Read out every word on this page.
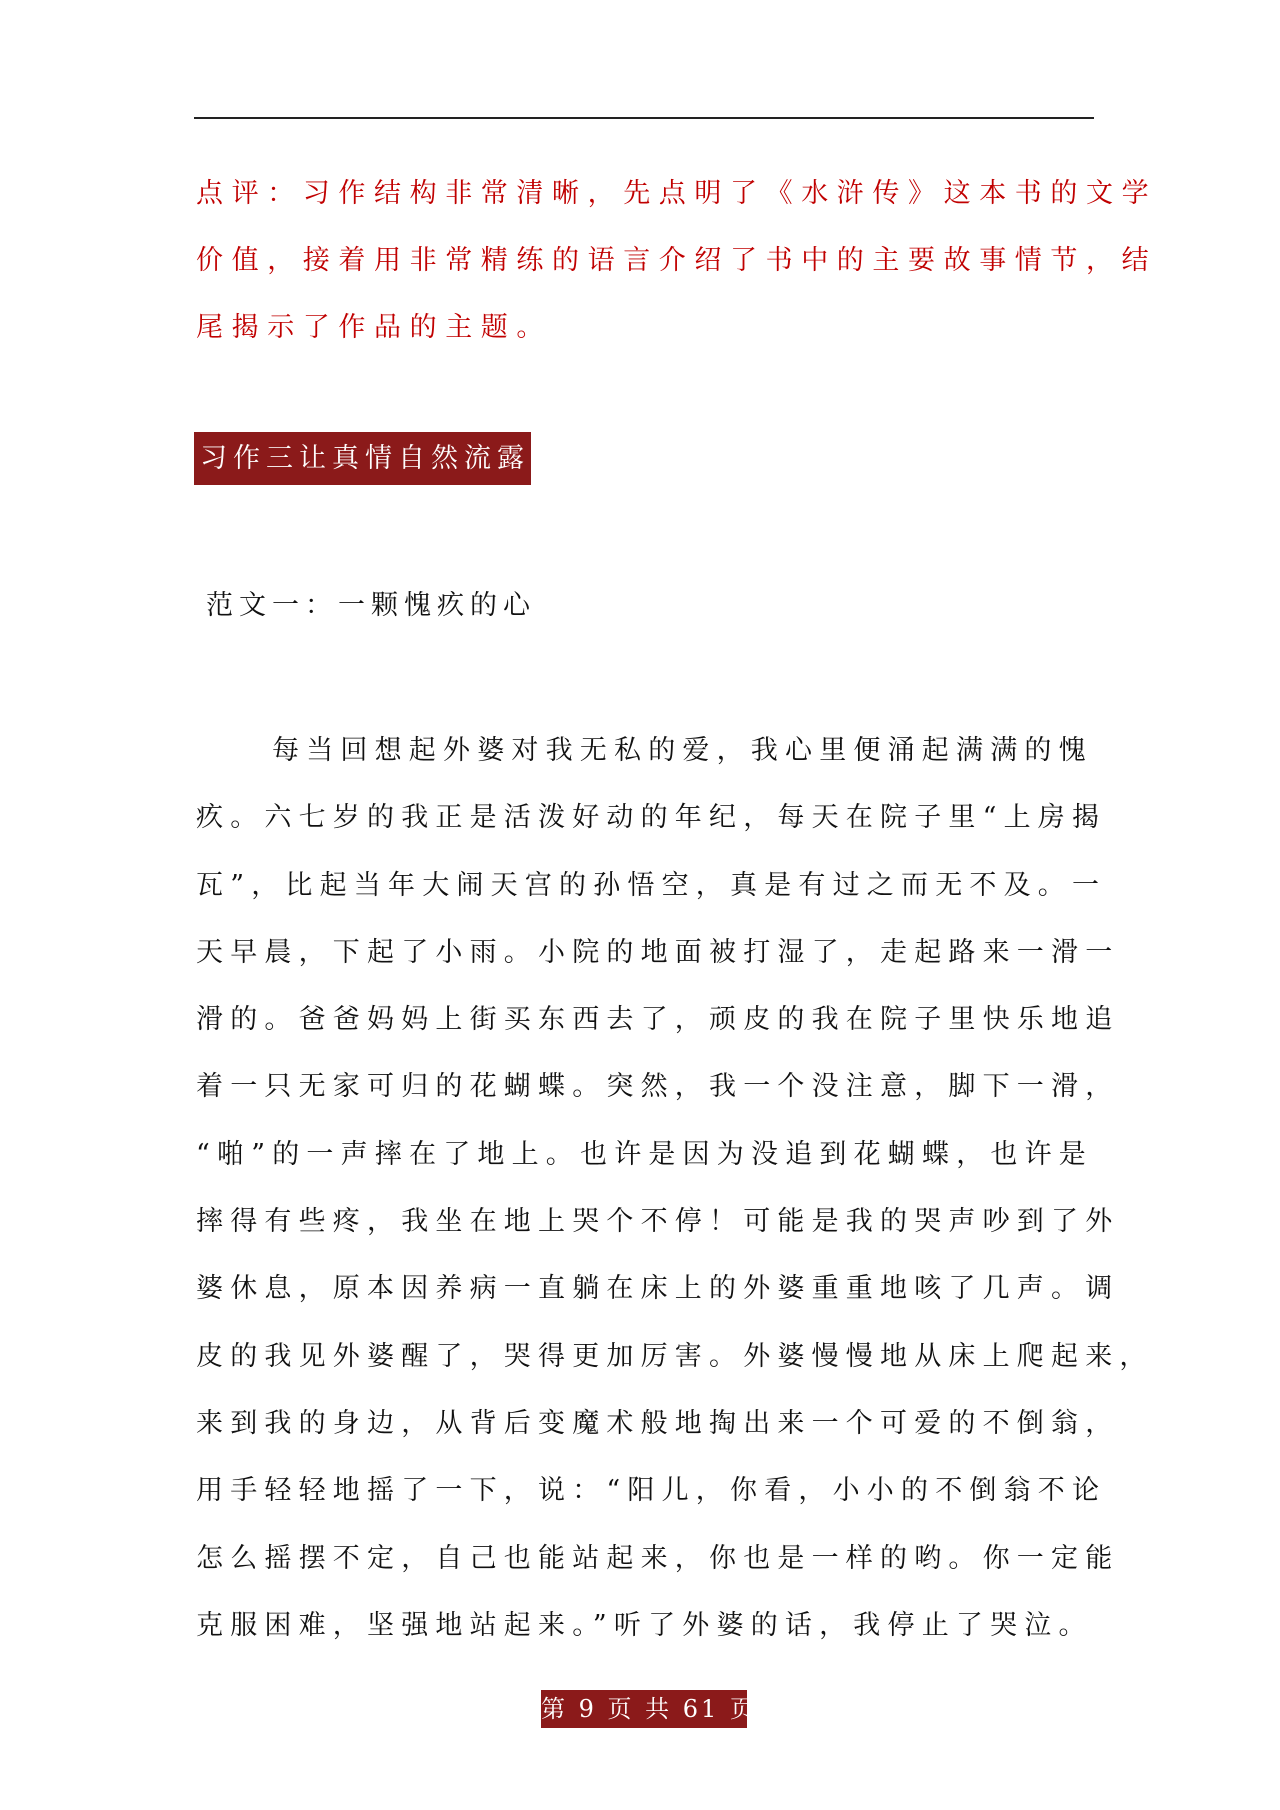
点评：习作结构非常清晰，先点明了《水浒传》这本书的文学

价值，接着用非常精练的语言介绍了书中的主要故事情节，结

尾揭示了作品的主题。

习作三让真情自然流露
范文一：一颗愧疚的心

每当回想起外婆对我无私的爱，我心里便涌起满满的愧

疚。六七岁的我正是活泼好动的年纪，每天在院子里“上房揭

瓦”，比起当年大闹天宫的孙悟空，真是有过之而无不及。一

天早晨，下起了小雨。小院的地面被打湿了，走起路来一滑一

滑的。爸爸妈妈上街买东西去了，顽皮的我在院子里快乐地追

着一只无家可归的花蝴蝶。突然，我一个没注意，脚下一滑，

“啪”的一声摔在了地上。也许是因为没追到花蝴蝶，也许是

摔得有些疼，我坐在地上哭个不停！可能是我的哭声吵到了外

婆休息，原本因养病一直躺在床上的外婆重重地咳了几声。调

皮的我见外婆醒了，哭得更加厉害。外婆慢慢地从床上爬起来，

来到我的身边，从背后变魔术般地掏出来一个可爱的不倒翁，

用手轻轻地摇了一下，说：“阳儿，你看，小小的不倒翁不论

怎么摇摆不定，自己也能站起来，你也是一样的哟。你一定能

克服困难，坚强地站起来。”听了外婆的话，我停止了哭泣。

第 9 页 共 61 页
